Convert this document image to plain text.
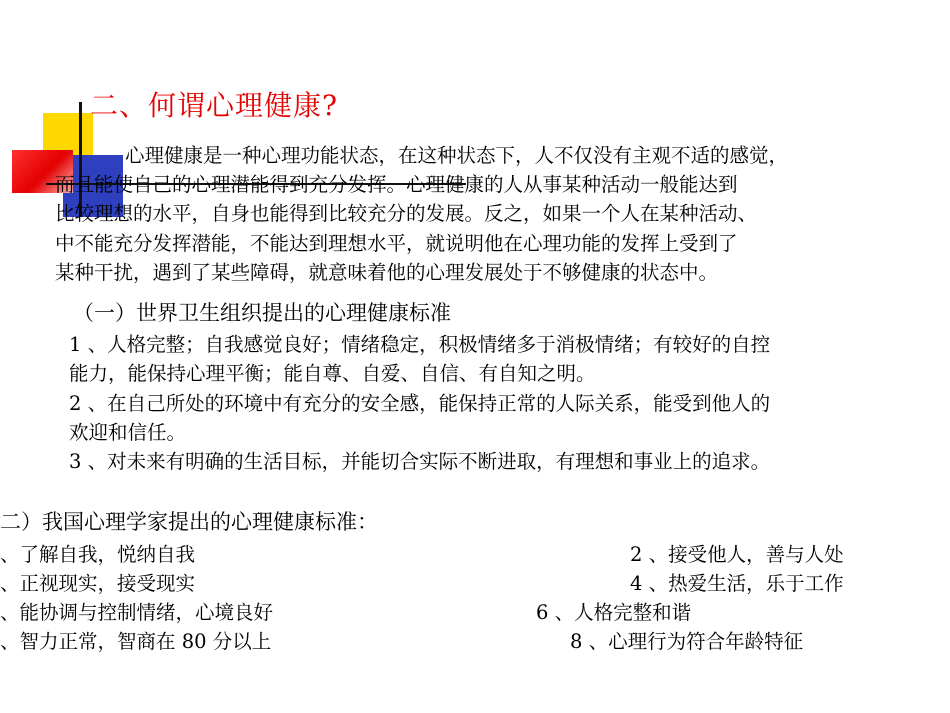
二、何谓心理健康?
心理健康是一种心理功能状态，在这种状态下，人不仅没有主观不适的感觉，
而且能使自己的心理潜能得到充分发挥。心理健康的人从事某种活动一般能达到
比较理想的水平，自身也能得到比较充分的发展。反之，如果一个人在某种活动、
中不能充分发挥潜能，不能达到理想水平，就说明他在心理功能的发挥上受到了
某种干扰，遇到了某些障碍，就意味着他的心理发展处于不够健康的状态中。
（一）世界卫生组织提出的心理健康标准
1 、人格完整；自我感觉良好；情绪稳定，积极情绪多于消极情绪；有较好的自控
能力，能保持心理平衡；能自尊、自爱、自信、有自知之明。
2 、在自己所处的环境中有充分的安全感，能保持正常的人际关系，能受到他人的
欢迎和信任。
3 、对未来有明确的生活目标，并能切合实际不断进取，有理想和事业上的追求。
二）我国心理学家提出的心理健康标准：
、了解自我，悦纳自我	2 、接受他人，善与人处
、正视现实，接受现实	4 、热爱生活，乐于工作
、能协调与控制情绪，心境良好	6 、人格完整和谐
、智力正常，智商在 80 分以上	8 、心理行为符合年龄特征
